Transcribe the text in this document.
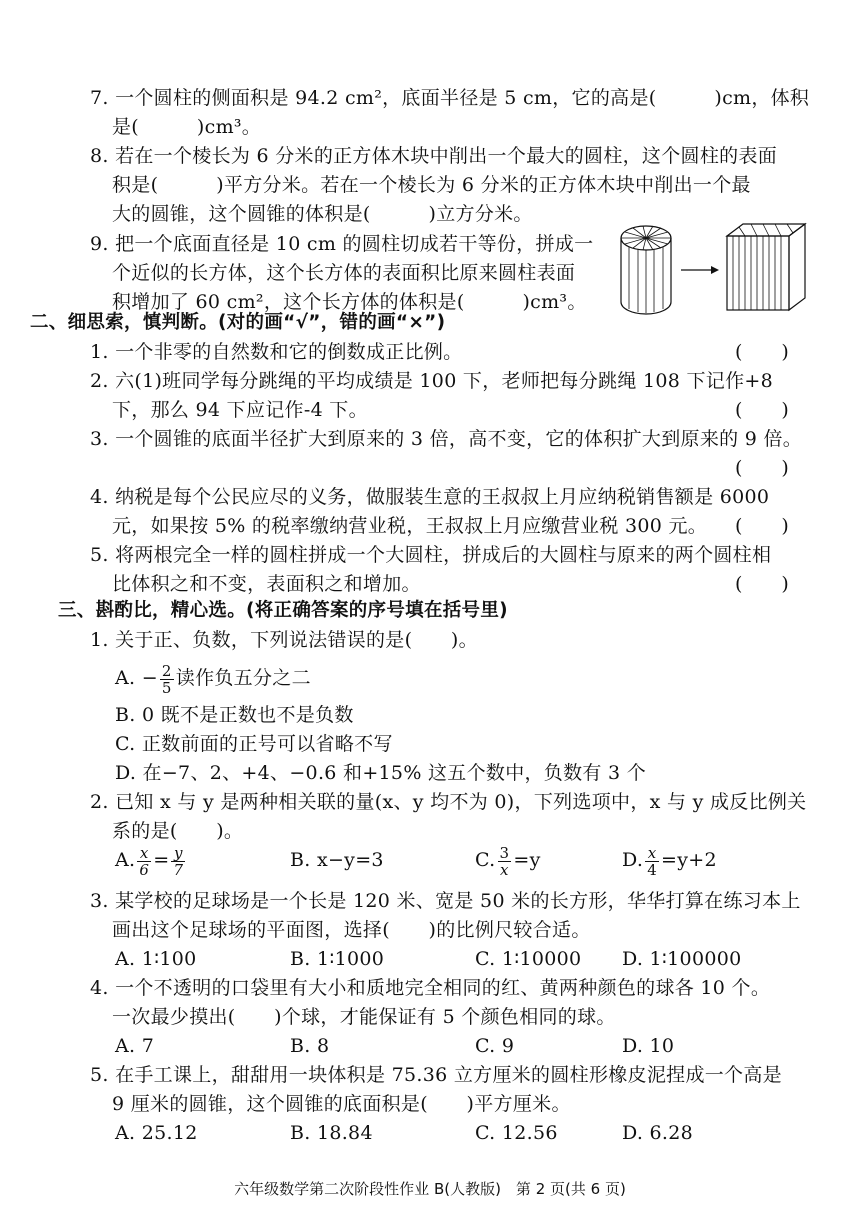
7. 一个圆柱的侧面积是 94.2 cm²，底面半径是 5 cm，它的高是(　　　)cm，体积
是(　　　)cm³。
8. 若在一个棱长为 6 分米的正方体木块中削出一个最大的圆柱，这个圆柱的表面
积是(　　　)平方分米。若在一个棱长为 6 分米的正方体木块中削出一个最
大的圆锥，这个圆锥的体积是(　　　)立方分米。
9. 把一个底面直径是 10 cm 的圆柱切成若干等份，拼成一
个近似的长方体，这个长方体的表面积比原来圆柱表面
积增加了 60 cm²，这个长方体的体积是(　　　)cm³。
二、细思索，慎判断。(对的画“√”，错的画“×”)
1. 一个非零的自然数和它的倒数成正比例。	(　　)
2. 六(1)班同学每分跳绳的平均成绩是 100 下，老师把每分跳绳 108 下记作+8
下，那么 94 下应记作-4 下。	(　　)
3. 一个圆锥的底面半径扩大到原来的 3 倍，高不变，它的体积扩大到原来的 9 倍。
(　　)
4. 纳税是每个公民应尽的义务，做服装生意的王叔叔上月应纳税销售额是 6000
元，如果按 5% 的税率缴纳营业税，王叔叔上月应缴营业税 300 元。 (　　)
5. 将两根完全一样的圆柱拼成一个大圆柱，拼成后的大圆柱与原来的两个圆柱相
比体积之和不变，表面积之和增加。	(　　)
三、斟酌比，精心选。(将正确答案的序号填在括号里)
1. 关于正、负数，下列说法错误的是(　　)。
A. − $\frac{2}{5}$ 读作负五分之二
B. 0 既不是正数也不是负数
C. 正数前面的正号可以省略不写
D. 在−7、2、+4、−0.6 和+15% 这五个数中，负数有 3 个
2. 已知 x 与 y 是两种相关联的量(x、y 均不为 0)，下列选项中，x 与 y 成反比例关
系的是(　　)。
A. $\frac{x}{6} = \frac{y}{7}$	B. x−y=3	C. $\frac{3}{x} =y$	D. $\frac{x}{4} =y+2$
3. 某学校的足球场是一个长是 120 米、宽是 50 米的长方形，华华打算在练习本上
画出这个足球场的平面图，选择(　　)的比例尺较合适。
A. 1∶100	B. 1∶1000	C. 1∶10000 D. 1∶100000
4. 一个不透明的口袋里有大小和质地完全相同的红、黄两种颜色的球各 10 个。
一次最少摸出(　　)个球，才能保证有 5 个颜色相同的球。
A. 7	B. 8	C. 9	D. 10
5. 在手工课上，甜甜用一块体积是 75.36 立方厘米的圆柱形橡皮泥捏成一个高是
9 厘米的圆锥，这个圆锥的底面积是(　　)平方厘米。
A. 25.12	B. 18.84	C. 12.56	D. 6.28
六年级数学第二次阶段性作业 B(人教版)　第 2 页(共 6 页)
